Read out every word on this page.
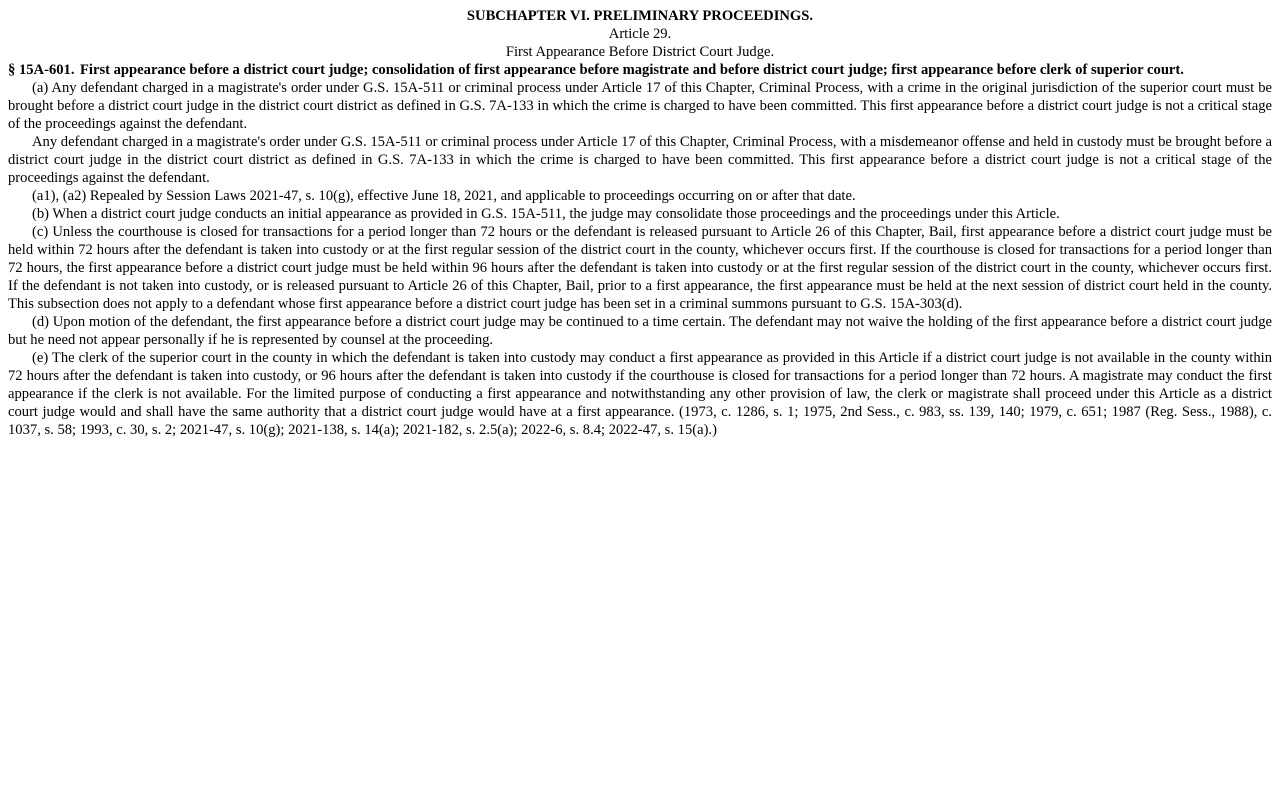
SUBCHAPTER VI. PRELIMINARY PROCEEDINGS.
Article 29.
First Appearance Before District Court Judge.
§ 15A-601. First appearance before a district court judge; consolidation of first appearance before magistrate and before district court judge; first appearance before clerk of superior court.

(a) Any defendant charged in a magistrate's order under G.S. 15A-511 or criminal process under Article 17 of this Chapter, Criminal Process, with a crime in the original jurisdiction of the superior court must be brought before a district court judge in the district court district as defined in G.S. 7A-133 in which the crime is charged to have been committed. This first appearance before a district court judge is not a critical stage of the proceedings against the defendant.

Any defendant charged in a magistrate's order under G.S. 15A-511 or criminal process under Article 17 of this Chapter, Criminal Process, with a misdemeanor offense and held in custody must be brought before a district court judge in the district court district as defined in G.S. 7A-133 in which the crime is charged to have been committed. This first appearance before a district court judge is not a critical stage of the proceedings against the defendant.

(a1), (a2) Repealed by Session Laws 2021-47, s. 10(g), effective June 18, 2021, and applicable to proceedings occurring on or after that date.

(b) When a district court judge conducts an initial appearance as provided in G.S. 15A-511, the judge may consolidate those proceedings and the proceedings under this Article.

(c) Unless the courthouse is closed for transactions for a period longer than 72 hours or the defendant is released pursuant to Article 26 of this Chapter, Bail, first appearance before a district court judge must be held within 72 hours after the defendant is taken into custody or at the first regular session of the district court in the county, whichever occurs first. If the courthouse is closed for transactions for a period longer than 72 hours, the first appearance before a district court judge must be held within 96 hours after the defendant is taken into custody or at the first regular session of the district court in the county, whichever occurs first. If the defendant is not taken into custody, or is released pursuant to Article 26 of this Chapter, Bail, prior to a first appearance, the first appearance must be held at the next session of district court held in the county. This subsection does not apply to a defendant whose first appearance before a district court judge has been set in a criminal summons pursuant to G.S. 15A-303(d).

(d) Upon motion of the defendant, the first appearance before a district court judge may be continued to a time certain. The defendant may not waive the holding of the first appearance before a district court judge but he need not appear personally if he is represented by counsel at the proceeding.

(e) The clerk of the superior court in the county in which the defendant is taken into custody may conduct a first appearance as provided in this Article if a district court judge is not available in the county within 72 hours after the defendant is taken into custody, or 96 hours after the defendant is taken into custody if the courthouse is closed for transactions for a period longer than 72 hours. A magistrate may conduct the first appearance if the clerk is not available. For the limited purpose of conducting a first appearance and notwithstanding any other provision of law, the clerk or magistrate shall proceed under this Article as a district court judge would and shall have the same authority that a district court judge would have at a first appearance. (1973, c. 1286, s. 1; 1975, 2nd Sess., c. 983, ss. 139, 140; 1979, c. 651; 1987 (Reg. Sess., 1988), c. 1037, s. 58; 1993, c. 30, s. 2; 2021-47, s. 10(g); 2021-138, s. 14(a); 2021-182, s. 2.5(a); 2022-6, s. 8.4; 2022-47, s. 15(a).)
